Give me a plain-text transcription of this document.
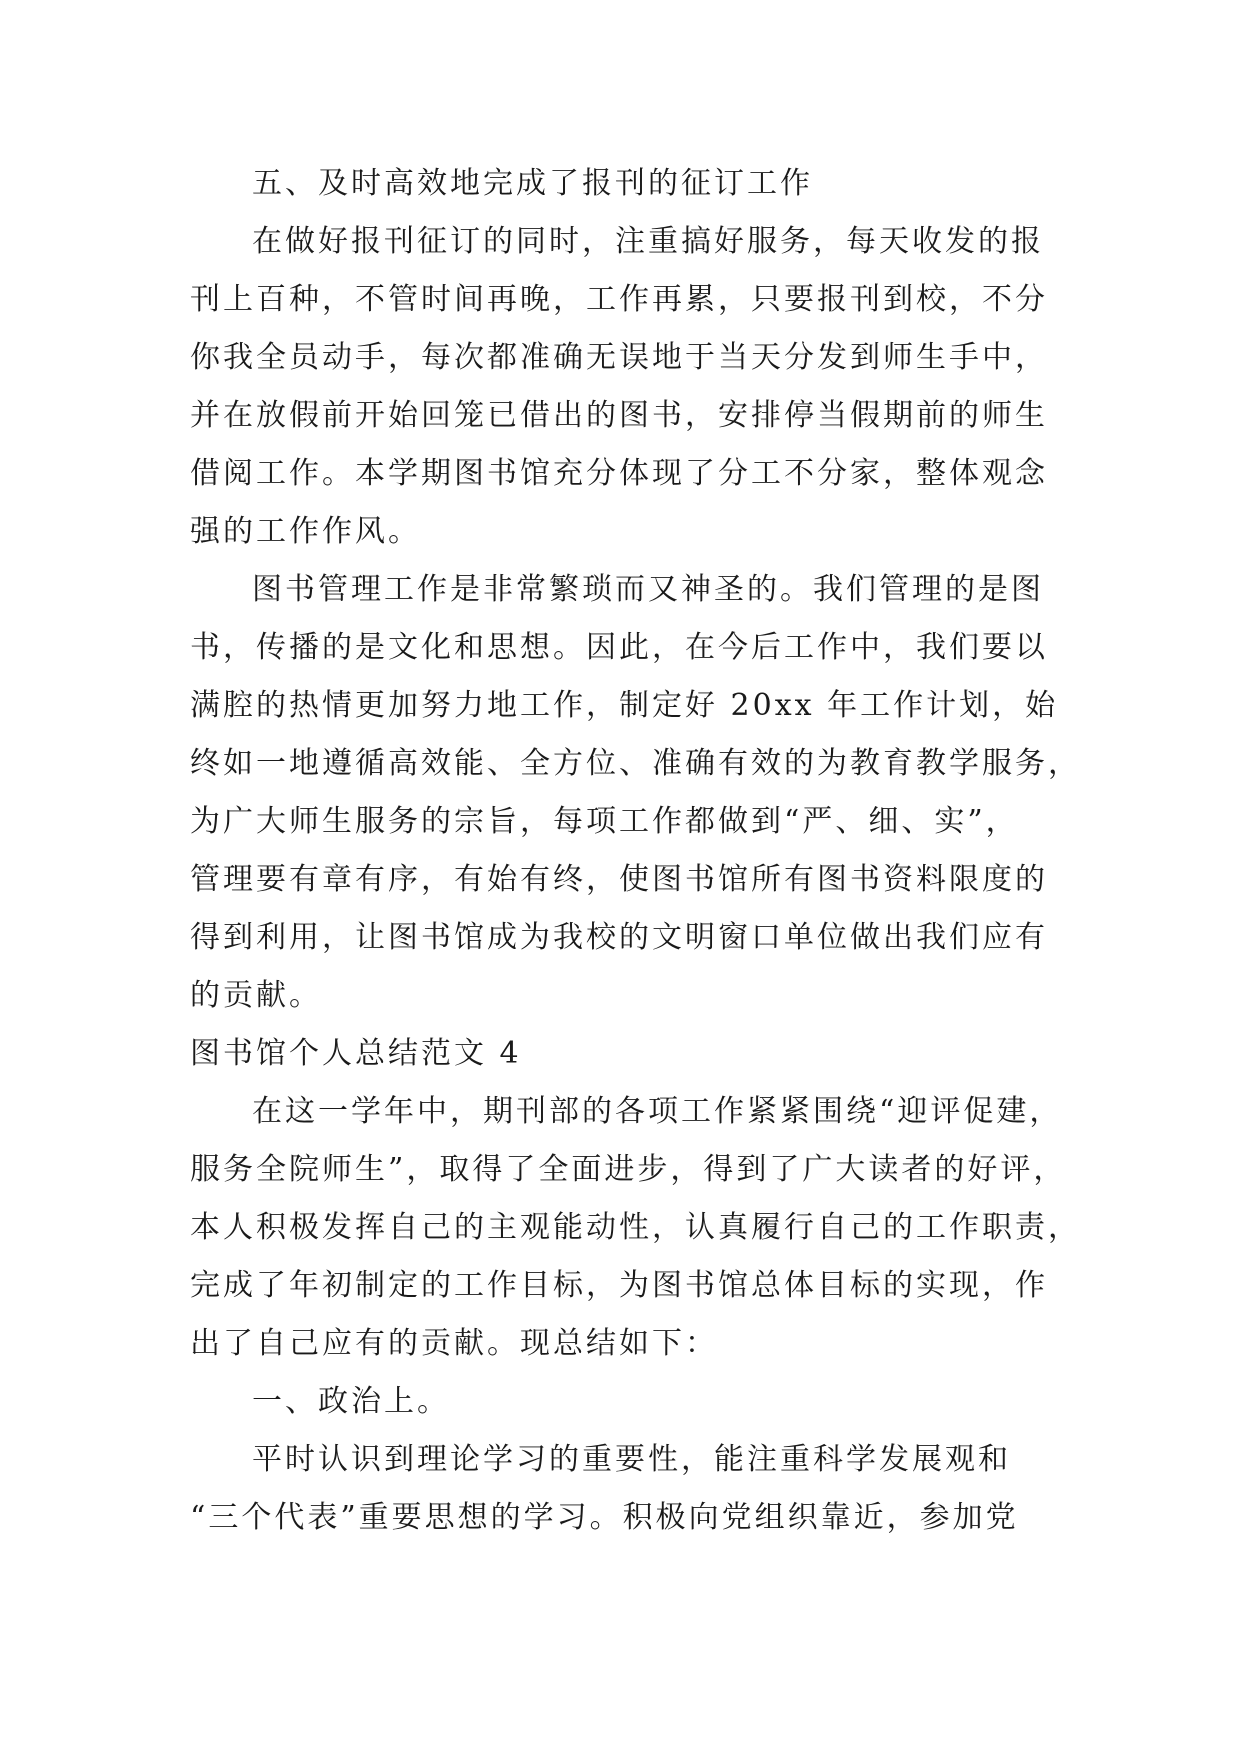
五、及时高效地完成了报刊的征订工作
在做好报刊征订的同时，注重搞好服务，每天收发的报
刊上百种，不管时间再晚，工作再累，只要报刊到校，不分
你我全员动手，每次都准确无误地于当天分发到师生手中，
并在放假前开始回笼已借出的图书，安排停当假期前的师生
借阅工作。本学期图书馆充分体现了分工不分家，整体观念
强的工作作风。
图书管理工作是非常繁琐而又神圣的。我们管理的是图
书，传播的是文化和思想。因此，在今后工作中，我们要以
满腔的热情更加努力地工作，制定好 20xx 年工作计划，始
终如一地遵循高效能、全方位、准确有效的为教育教学服务，
为广大师生服务的宗旨，每项工作都做到“严、细、实”，
管理要有章有序，有始有终，使图书馆所有图书资料限度的
得到利用，让图书馆成为我校的文明窗口单位做出我们应有
的贡献。
图书馆个人总结范文 4
在这一学年中，期刊部的各项工作紧紧围绕“迎评促建，
服务全院师生”，取得了全面进步，得到了广大读者的好评，
本人积极发挥自己的主观能动性，认真履行自己的工作职责，
完成了年初制定的工作目标，为图书馆总体目标的实现，作
出了自己应有的贡献。现总结如下：
一、政治上。
平时认识到理论学习的重要性，能注重科学发展观和
“三个代表”重要思想的学习。积极向党组织靠近，参加党
